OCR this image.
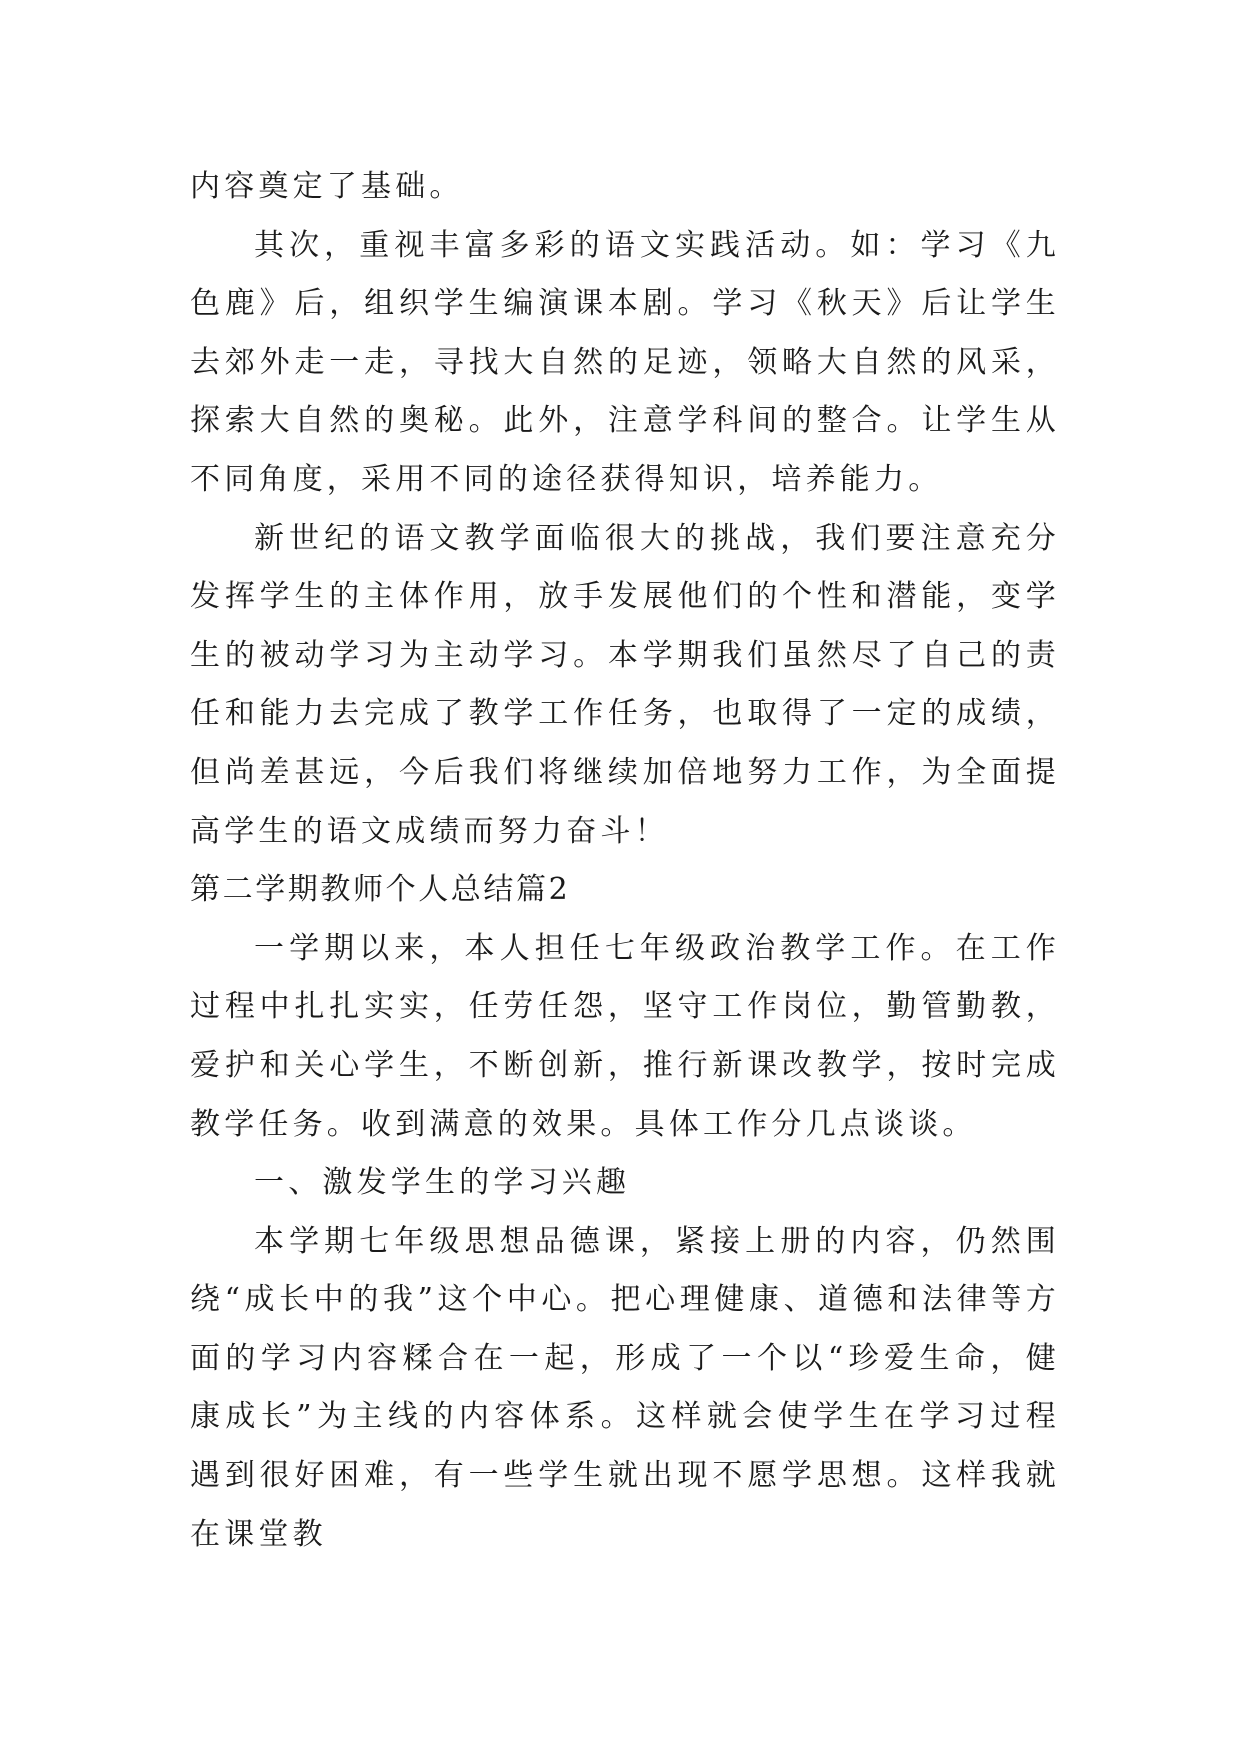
内容奠定了基础。

其次，重视丰富多彩的语文实践活动。如：学习《九色鹿》后，组织学生编演课本剧。学习《秋天》后让学生去郊外走一走，寻找大自然的足迹，领略大自然的风采，探索大自然的奥秘。此外，注意学科间的整合。让学生从不同角度，采用不同的途径获得知识，培养能力。

新世纪的语文教学面临很大的挑战，我们要注意充分发挥学生的主体作用，放手发展他们的个性和潜能，变学生的被动学习为主动学习。本学期我们虽然尽了自己的责任和能力去完成了教学工作任务，也取得了一定的成绩，但尚差甚远，今后我们将继续加倍地努力工作，为全面提高学生的语文成绩而努力奋斗！

第二学期教师个人总结篇2

一学期以来，本人担任七年级政治教学工作。在工作过程中扎扎实实，任劳任怨，坚守工作岗位，勤管勤教，爱护和关心学生，不断创新，推行新课改教学，按时完成教学任务。收到满意的效果。具体工作分几点谈谈。

一、激发学生的学习兴趣

本学期七年级思想品德课，紧接上册的内容，仍然围绕“成长中的我”这个中心。把心理健康、道德和法律等方面的学习内容糅合在一起，形成了一个以“珍爱生命，健康成长”为主线的内容体系。这样就会使学生在学习过程遇到很好困难，有一些学生就出现不愿学思想。这样我就在课堂教
